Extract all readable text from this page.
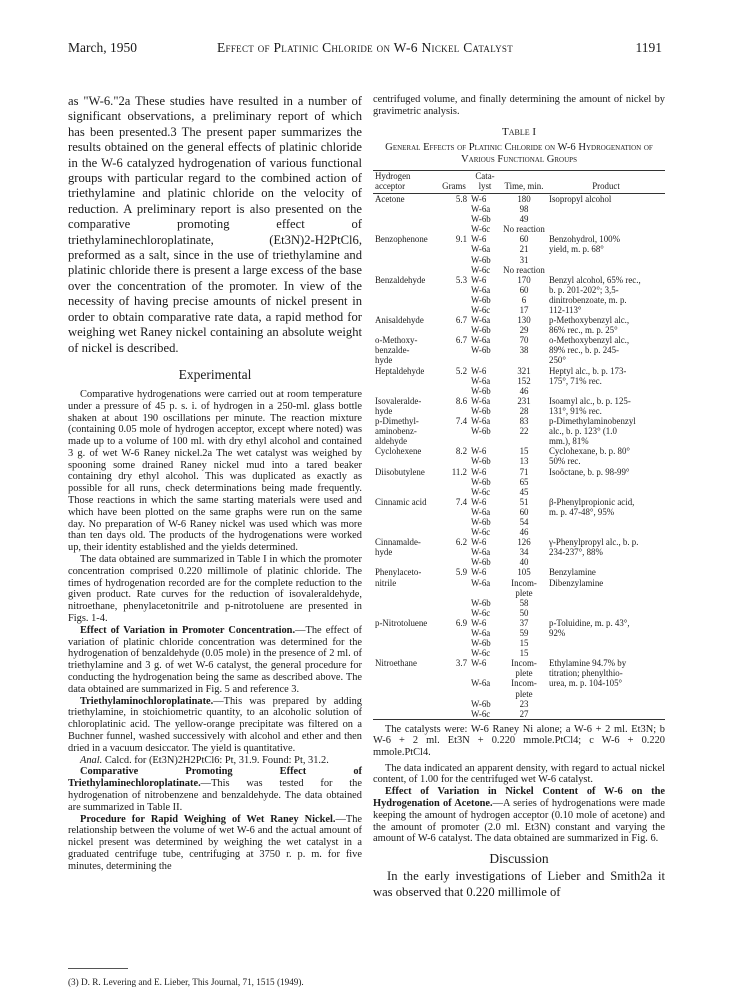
March, 1950	Effect of Platinic Chloride on W-6 Nickel Catalyst	1191

as "W-6."2a These studies have resulted in a number of significant observations, a preliminary report of which has been presented.3 The present paper summarizes the results obtained on the general effects of platinic chloride in the W-6 catalyzed hydrogenation of various functional groups with particular regard to the combined action of triethylamine and platinic chloride on the velocity of reduction. A preliminary report is also presented on the comparative promoting effect of triethylaminechloroplatinate, (Et3N)2-H2PtCl6, preformed as a salt, since in the use of triethylamine and platinic chloride there is present a large excess of the base over the concentration of the promoter. In view of the necessity of having precise amounts of nickel present in order to obtain comparative rate data, a rapid method for weighing wet Raney nickel containing an absolute weight of nickel is described.

Experimental

Comparative hydrogenations were carried out at room temperature under a pressure of 45 p. s. i. of hydrogen in a 250-ml. glass bottle shaken at about 190 oscillations per minute. The reaction mixture (containing 0.05 mole of hydrogen acceptor, except where noted) was made up to a volume of 100 ml. with dry ethyl alcohol and contained 3 g. of wet W-6 Raney nickel.2a The wet catalyst was weighed by spooning some drained Raney nickel mud into a tared beaker containing dry ethyl alcohol. This was duplicated as exactly as possible for all runs, check determinations being made frequently. Those reactions in which the same starting materials were used and which have been plotted on the same graphs were run on the same day. No preparation of W-6 Raney nickel was used which was more than ten days old. The products of the hydrogenations were worked up, their identity established and the yields determined.

The data obtained are summarized in Table I in which the promoter concentration comprised 0.220 millimole of platinic chloride. The times of hydrogenation recorded are for the complete reduction to the given product. Rate curves for the reduction of isovaleraldehyde, nitroethane, phenylacetonitrile and p-nitrotoluene are presented in Figs. 1-4.

Effect of Variation in Promoter Concentration.—The effect of variation of platinic chloride concentration was determined for the hydrogenation of benzaldehyde (0.05 mole) in the presence of 2 ml. of triethylamine and 3 g. of wet W-6 catalyst, the general procedure for conducting the hydrogenation being the same as described above. The data obtained are summarized in Fig. 5 and reference 3.

Triethylaminochloroplatinate.—This was prepared by adding triethylamine, in stoichiometric quantity, to an alcoholic solution of chloroplatinic acid. The yellow-orange precipitate was filtered on a Buchner funnel, washed successively with alcohol and ether and then dried in a vacuum desiccator. The yield is quantitative.

Anal. Calcd. for (Et3N)2H2PtCl6: Pt, 31.9. Found: Pt, 31.2.

Comparative Promoting Effect of Triethylaminechloroplatinate.—This was tested for the hydrogenation of nitrobenzene and benzaldehyde. The data obtained are summarized in Table II.

Procedure for Rapid Weighing of Wet Raney Nickel.—The relationship between the volume of wet W-6 and the actual amount of nickel present was determined by weighing the wet catalyst in a graduated centrifuge tube, centrifuging at 3750 r. p. m. for five minutes, determining the

(3) D. R. Levering and E. Lieber, This Journal, 71, 1515 (1949).

centrifuged volume, and finally determining the amount of nickel by gravimetric analysis.

Table I
General Effects of Platinic Chloride on W-6 Hydrogenation of Various Functional Groups
Hydrogen acceptor	Grams	Cata-lyst	Time, min.	Product
Acetone	5.8	W-6	180	Isopropyl alcohol
		W-6a	98	
		W-6b	49	
		W-6c	No reaction	
Benzophenone	9.1	W-6	60	Benzohydrol, 100%
		W-6a	21	yield, m. p. 68°
		W-6b	31	
		W-6c	No reaction	
Benzaldehyde	5.3	W-6	170	Benzyl alcohol, 65% rec.,
		W-6a	60	b. p. 201-202°; 3,5-
		W-6b	6	dinitrobenzoate, m. p.
		W-6c	17	112-113°
Anisaldehyde	6.7	W-6a	130	p-Methoxybenzyl alc.,
		W-6b	29	86% rec., m. p. 25°
o-Methoxy-	6.7	W-6a	70	o-Methoxybenzyl alc.,
benzalde-		W-6b	38	89% rec., b. p. 245-
hyde				250°
Heptaldehyde	5.2	W-6	321	Heptyl alc., b. p. 173-
		W-6a	152	175°, 71% rec.
		W-6b	46	
Isovaleralde-	8.6	W-6a	231	Isoamyl alc., b. p. 125-
hyde		W-6b	28	131°, 91% rec.
p-Dimethyl-	7.4	W-6a	83	p-Dimethylaminobenzyl
aminobenz-		W-6b	22	alc., b. p. 123° (1.0
aldehyde				mm.), 81%
Cyclohexene	8.2	W-6	15	Cyclohexane, b. p. 80°
		W-6b	13	50% rec.
Diisobutylene	11.2	W-6	71	Isoöctane, b. p. 98-99°
		W-6b	65	
		W-6c	45	
Cinnamic acid	7.4	W-6	51	β-Phenylpropionic acid,
		W-6a	60	m. p. 47-48°, 95%
		W-6b	54	
		W-6c	46	
Cinnamalde-	6.2	W-6	126	γ-Phenylpropyl alc., b. p.
hyde		W-6a	34	234-237°, 88%
		W-6b	40	
Phenylaceto-	5.9	W-6	105	Benzylamine
nitrile		W-6a	Incom-	Dibenzylamine
			plete	
		W-6b	58	
		W-6c	50	
p-Nitrotoluene	6.9	W-6	37	p-Toluidine, m. p. 43°,
		W-6a	59	92%
		W-6b	15	
		W-6c	15	
Nitroethane	3.7	W-6	Incom-	Ethylamine 94.7% by
			plete	titration; phenylthio-
		W-6a	Incom-	urea, m. p. 104-105°
			plete	
		W-6b	23	
		W-6c	27	

The catalysts were: W-6 Raney Ni alone; a W-6 + 2 ml. Et3N; b W-6 + 2 ml. Et3N + 0.220 mmole.PtCl4; c W-6 + 0.220 mmole.PtCl4.

The data indicated an apparent density, with regard to actual nickel content, of 1.00 for the centrifuged wet W-6 catalyst.

Effect of Variation in Nickel Content of W-6 on the Hydrogenation of Acetone.—A series of hydrogenations were made keeping the amount of hydrogen acceptor (0.10 mole of acetone) and the amount of promoter (2.0 ml. Et3N) constant and varying the amount of W-6 catalyst. The data obtained are summarized in Fig. 6.

Discussion

In the early investigations of Lieber and Smith2a it was observed that 0.220 millimole of
